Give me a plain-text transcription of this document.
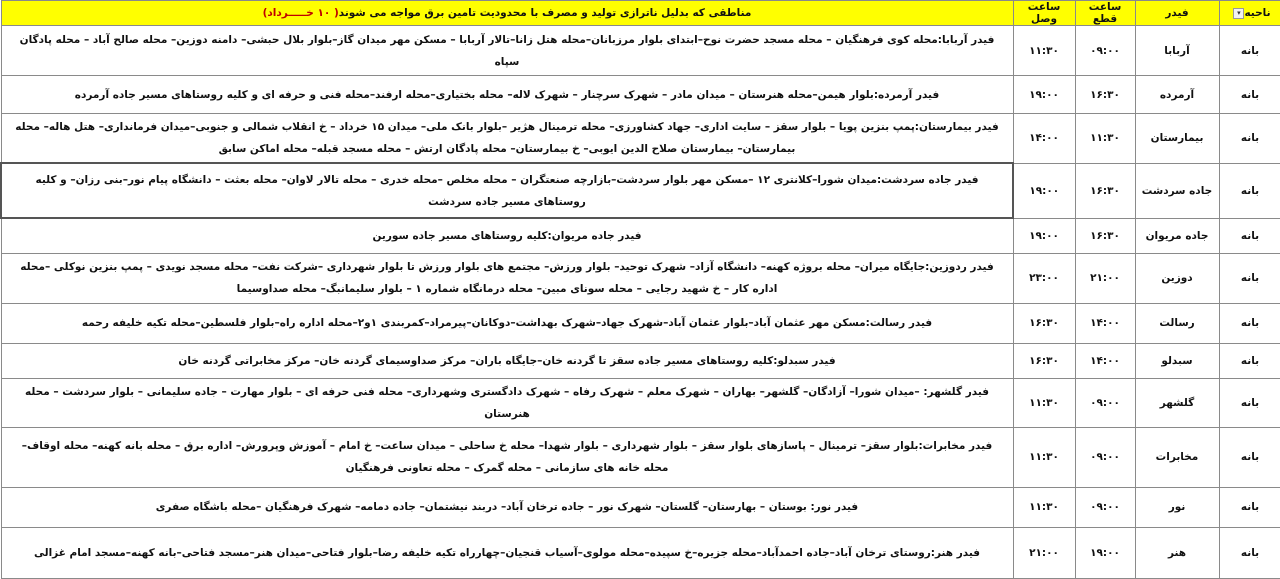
ناحیه▾	فیدر	ساعت قطع	ساعت وصل	مناطقی که بدلیل ناترازی تولید و مصرف با محدودیت تامین برق مواجه می شوند( ۱۰ خـــــرداد)
بانه	آربابا	۰۹:۰۰	۱۱:۳۰	فیدر آربابا:محله کوی فرهنگیان – محله مسجد حضرت نوح–ابتدای بلوار مرزبانان–محله هتل زانا–تالار آربابا – مسکن مهر میدان گاز–بلوار بلال حبشی– دامنه دوزین– محله صالح آباد – محله پادگان سپاه
بانه	آرمرده	۱۶:۳۰	۱۹:۰۰	فیدر آرمرده:بلوار هیمن–محله هنرستان – میدان مادر – شهرک سرچنار – شهرک لاله– محله بختیاری–محله ارفند–محله فنی و حرفه ای و کلیه روستاهای مسیر جاده آرمرده
بانه	بیمارستان	۱۱:۳۰	۱۴:۰۰	فیدر بیمارستان:پمپ بنزین پویا – بلوار سقز – سایت اداری– جهاد کشاورزی– محله ترمینال هژیر –بلوار بانک ملی– میدان ۱۵ خرداد – خ انقلاب شمالی و جنوبی–میدان فرمانداری– هتل هاله– محله بیمارستان– بیمارستان صلاح الدین ایوبی– خ بیمارستان– محله پادگان ارتش – محله مسجد قبله– محله اماکن سابق
بانه	جاده سردشت	۱۶:۳۰	۱۹:۰۰	فیدر جاده سردشت:میدان شورا–کلانتری ۱۲ –مسکن مهر بلوار سردشت–بازارچه صنعتگران – محله مخلص –محله خدری – محله تالار لاوان– محله بعثت – دانشگاه پیام نور–بنی رزان– و کلیه روستاهای مسیر جاده سردشت
بانه	جاده مریوان	۱۶:۳۰	۱۹:۰۰	فیدر جاده مریوان:کلیه روستاهای مسیر جاده سورین
بانه	دوزین	۲۱:۰۰	۲۳:۰۰	فیدر ردوزین:جایگاه میران– محله بروژه کهنه– دانشگاه آزاد– شهرک توحید– بلوار ورزش– مجتمع های بلوار ورزش تا بلوار شهرداری –شرکت نفت– محله مسجد نویدی – پمپ بنزین نوکلی –محله اداره کار – خ شهید رجایی – محله سونای مبین– محله درمانگاه شماره ۱ – بلوار سلیمانبگ– محله صداوسیما
بانه	رسالت	۱۴:۰۰	۱۶:۳۰	فیدر رسالت:مسکن مهر عثمان آباد–بلوار عثمان آباد–شهرک جهاد–شهرک بهداشت–دوکانان–پیرمراد–کمربندی ۱و۲–محله اداره راه–بلوار فلسطین–محله تکیه خلیفه رحمه
بانه	سبدلو	۱۴:۰۰	۱۶:۳۰	فیدر سبدلو:کلیه روستاهای مسیر جاده سقز تا گردنه خان–جایگاه باران– مرکز صداوسیمای گردنه خان– مرکز مخابراتی گردنه خان
بانه	گلشهر	۰۹:۰۰	۱۱:۳۰	فیدر گلشهر: –میدان شورا– آزادگان– گلشهر– بهاران – شهرک معلم – شهرک رفاه – شهرک دادگستری وشهرداری– محله فنی حرفه ای – بلوار مهارت – جاده سلیمانی – بلوار سردشت – محله هنرستان
بانه	مخابرات	۰۹:۰۰	۱۱:۳۰	فیدر مخابرات:بلوار سقز– ترمینال – پاسازهای بلوار سقز – بلوار شهرداری – بلوار شهدا– محله خ ساحلی – میدان ساعت– خ امام – آموزش وپرورش– اداره برق – محله بانه کهنه– محله اوقاف– محله خانه های سازمانی – محله گمرک – محله تعاونی فرهنگیان
بانه	نور	۰۹:۰۰	۱۱:۳۰	فیدر نور: بوستان – بهارستان– گلستان– شهرک نور – جاده ترخان آباد– دربند نیشتمان– جاده دمامه– شهرک فرهنگیان –محله باشگاه صفری
بانه	هنر	۱۹:۰۰	۲۱:۰۰	فیدر هنر:روستای ترخان آباد–جاده احمدآباد–محله جزیره–خ سپیده–محله مولوی–آسیاب قنجیان–چهارراه تکیه خلیفه رضا–بلوار فتاحی–میدان هنر–مسجد فتاحی–بانه کهنه–مسجد امام غزالی
